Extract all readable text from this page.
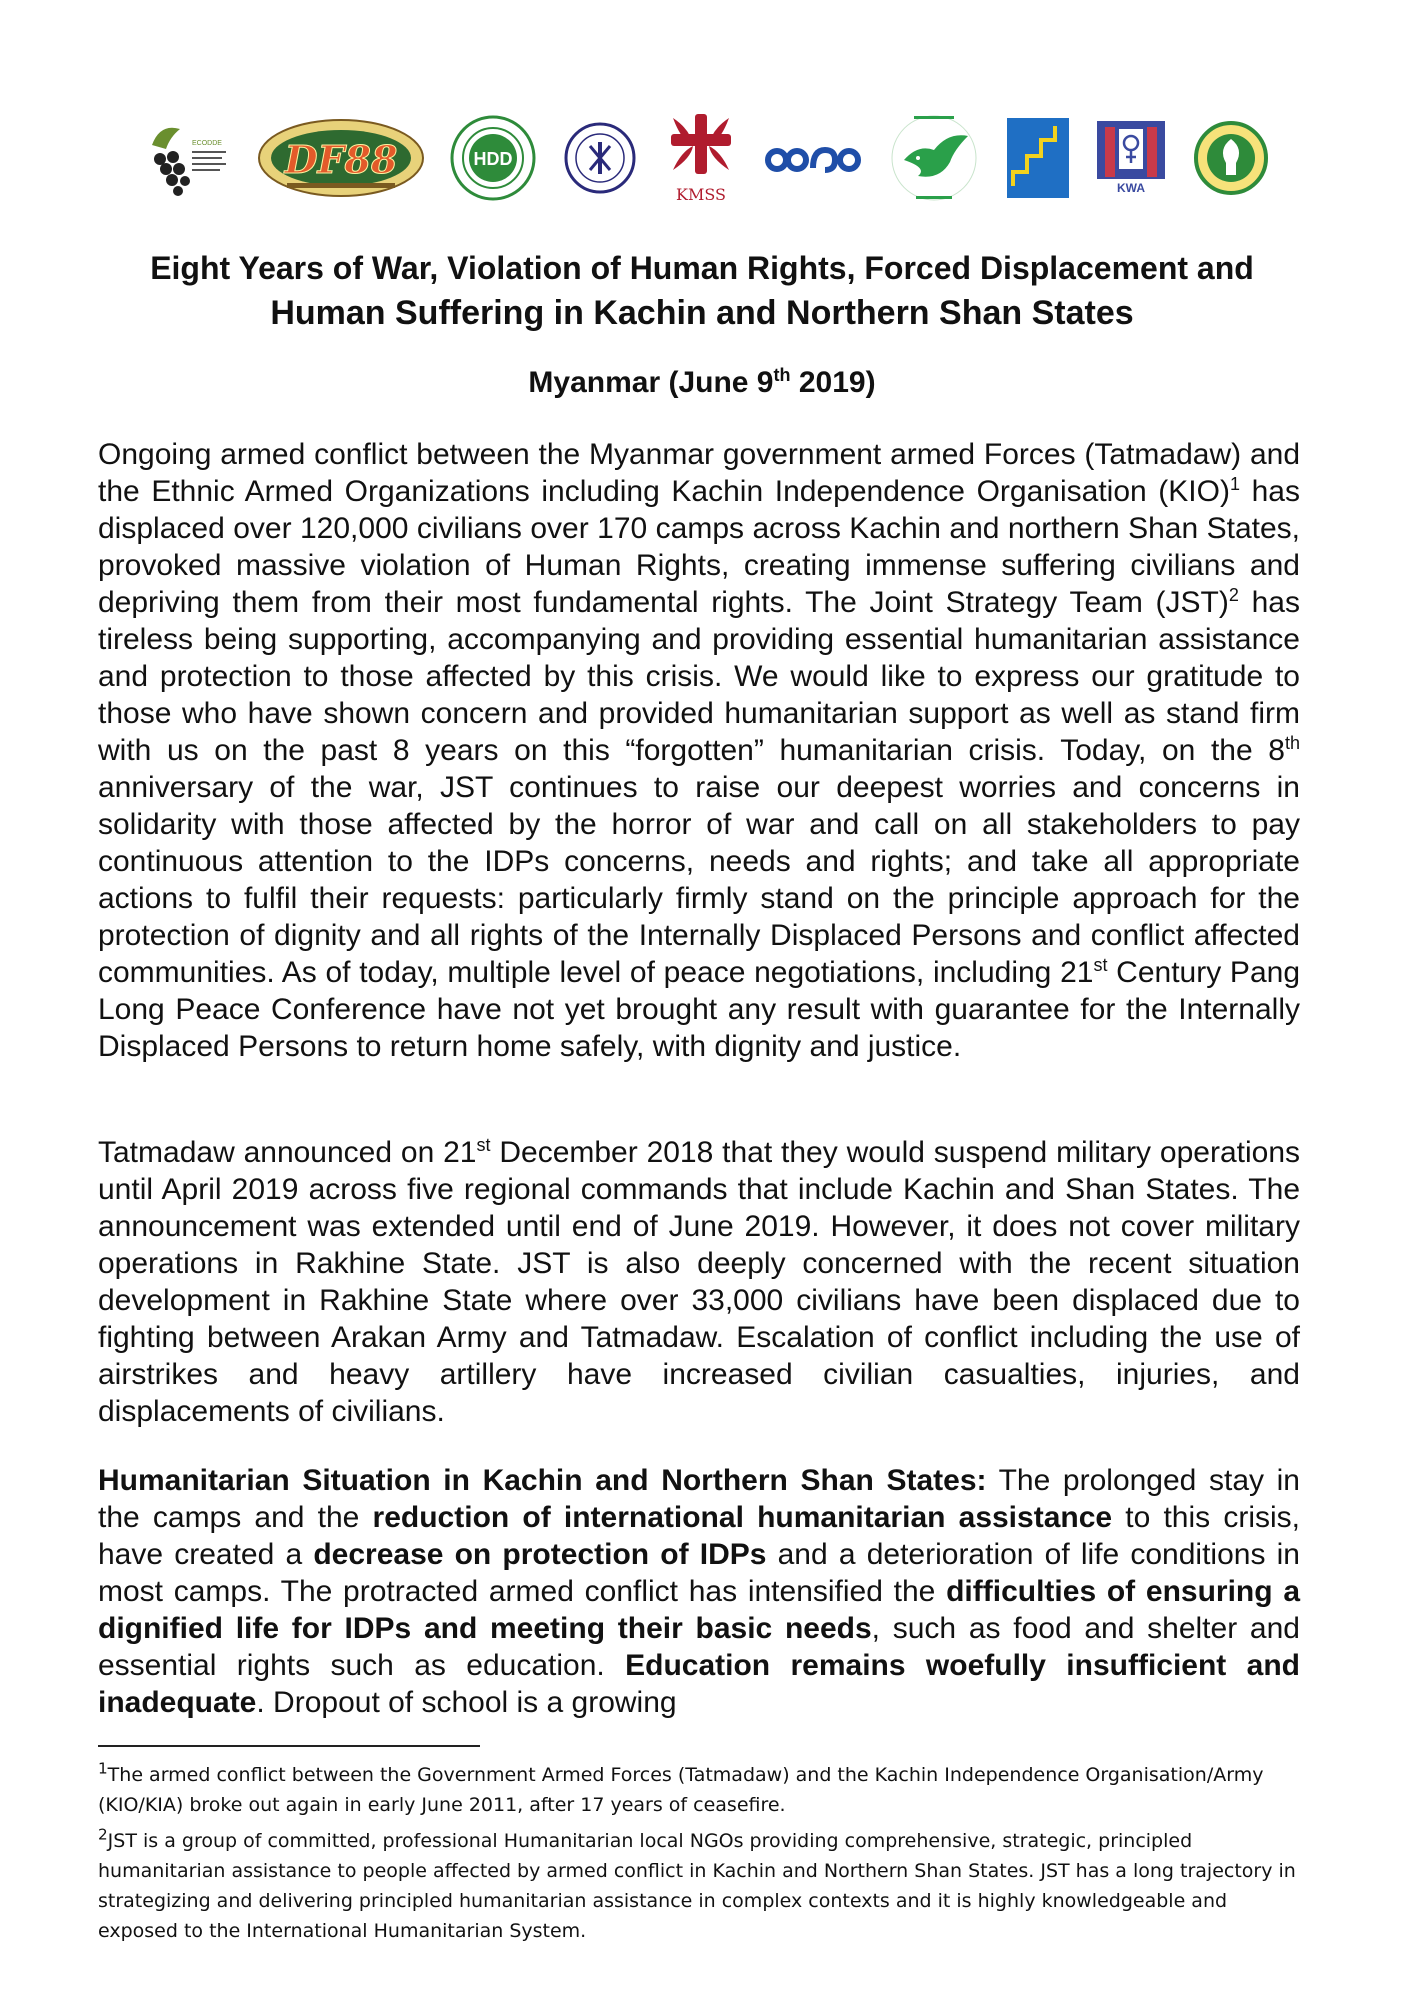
ECODDE DF88	HDD
KMSS	KWA
Eight Years of War, Violation of Human Rights, Forced Displacement and
Human Suffering in Kachin and Northern Shan States
Myanmar (June 9th 2019)
Ongoing armed conflict between the Myanmar government armed Forces (Tatmadaw) and the Ethnic Armed Organizations including Kachin Independence Organisation (KIO)$^1$ has displaced over 120,000 civilians over 170 camps across Kachin and northern Shan States, provoked massive violation of Human Rights, creating immense suffering civilians and depriving them from their most fundamental rights. The Joint Strategy Team (JST)$^2$ has tireless being supporting, accompanying and providing essential humanitarian assistance and protection to those affected by this crisis. We would like to express our gratitude to those who have shown concern and provided humanitarian support as well as stand firm with us on the past 8 years on this “forgotten” humanitarian crisis. Today, on the 8th anniversary of the war, JST continues to raise our deepest worries and concerns in solidarity with those affected by the horror of war and call on all stakeholders to pay continuous attention to the IDPs concerns, needs and rights; and take all appropriate actions to fulfil their requests: particularly firmly stand on the principle approach for the protection of dignity and all rights of the Internally Displaced Persons and conflict affected communities. As of today, multiple level of peace negotiations, including 21st Century Pang Long Peace Conference have not yet brought any result with guarantee for the Internally Displaced Persons to return home safely, with dignity and justice.
Tatmadaw announced on 21st December 2018 that they would suspend military operations until April 2019 across five regional commands that include Kachin and Shan States. The announcement was extended until end of June 2019. However, it does not cover military operations in Rakhine State. JST is also deeply concerned with the recent situation development in Rakhine State where over 33,000 civilians have been displaced due to fighting between Arakan Army and Tatmadaw. Escalation of conflict including the use of airstrikes and heavy artillery have increased civilian casualties, injuries, and displacements of civilians.
Humanitarian Situation in Kachin and Northern Shan States: The prolonged stay in the camps and the reduction of international humanitarian assistance to this crisis, have created a decrease on protection of IDPs and a deterioration of life conditions in most camps. The protracted armed conflict has intensified the difficulties of ensuring a dignified life for IDPs and meeting their basic needs, such as food and shelter and essential rights such as education. Education remains woefully insufficient and inadequate. Dropout of school is a growing
$^1$The armed conflict between the Government Armed Forces (Tatmadaw) and the Kachin Independence Organisation/Army (KIO/KIA) broke out again in early June 2011, after 17 years of ceasefire.
$^2$JST is a group of committed, professional Humanitarian local NGOs providing comprehensive, strategic, principled humanitarian assistance to people affected by armed conflict in Kachin and Northern Shan States. JST has a long trajectory in strategizing and delivering principled humanitarian assistance in complex contexts and it is highly knowledgeable and exposed to the International Humanitarian System.
